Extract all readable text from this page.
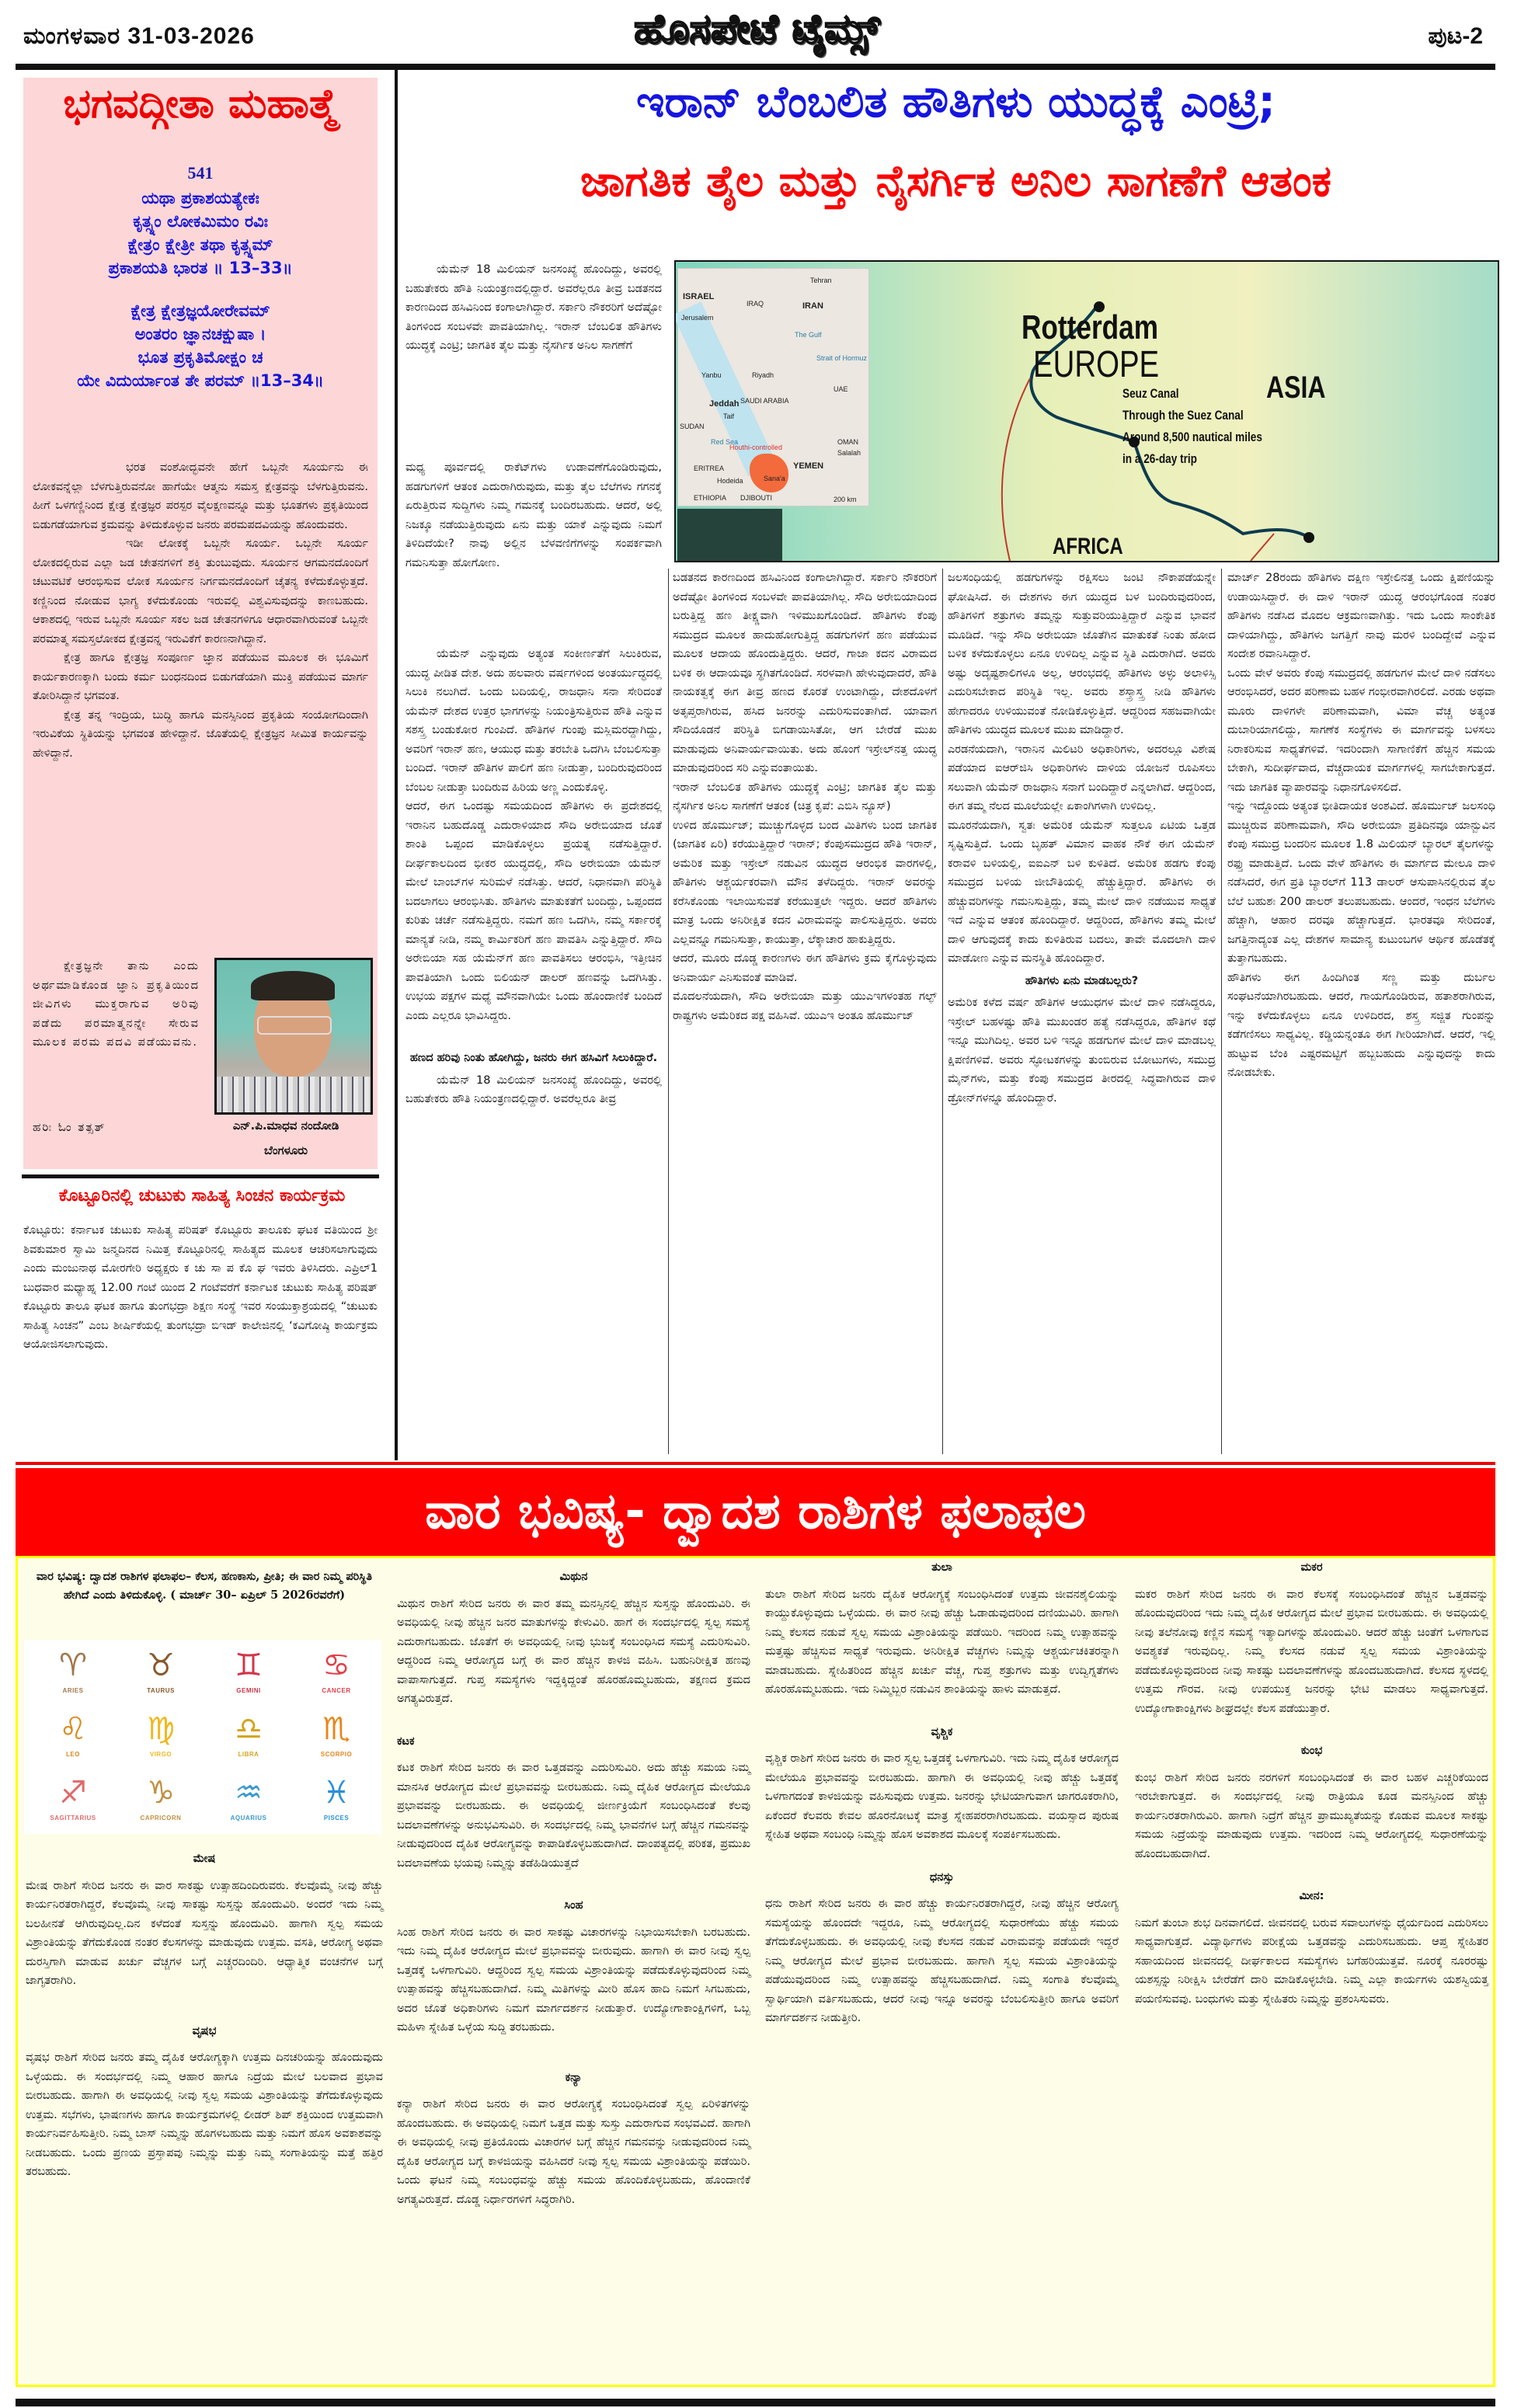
ಮಂಗಳವಾರ 31-03-2026	ಹೊಸಪೇಟೆ ಟೈಮ್ಸ್	ಪುಟ-2
ಭಗವದ್ಗೀತಾ ಮಹಾತ್ಮೆ
541
ಯಥಾ ಪ್ರಕಾಶಯತ್ಯೇಕಃ
ಕೃತ್ಸ್ನಂ ಲೋಕಮಿಮಂ ರವಿಃ
ಕ್ಷೇತ್ರಂ ಕ್ಷೇತ್ರೀ ತಥಾ ಕೃತ್ಸ್ನಮ್
ಪ್ರಕಾಶಯತಿ ಭಾರತ ॥ 13–33॥
ಕ್ಷೇತ್ರ ಕ್ಷೇತ್ರಜ್ಞಯೋರೇವಮ್
ಅಂತರಂ ಜ್ಞಾನಚಕ್ಷುಷಾ ।
ಭೂತ ಪ್ರಕೃತಿಮೋಕ್ಷಂ ಚ
ಯೇ ವಿದುರ್ಯಾಂತ ತೇ ಪರಮ್ ॥13–34॥

ಭರತ ವಂಶೋದ್ಭವನೇ ಹೇಗೆ ಒಬ್ಬನೇ ಸೂರ್ಯನು ಈ ಲೋಕವನ್ನೆಲ್ಲಾ ಬೆಳಗುತ್ತಿರುವನೋ ಹಾಗೆಯೇ ಆತ್ಮನು ಸಮಸ್ತ ಕ್ಷೇತ್ರವನ್ನು ಬೆಳಗುತ್ತಿರುವನು. ಹೀಗೆ ಒಳಗಣ್ಣಿನಿಂದ ಕ್ಷೇತ್ರ ಕ್ಷೇತ್ರಜ್ಞರ ಪರಸ್ಪರ ವೈಲಕ್ಷಣವನ್ನೂ ಮತ್ತು ಭೂತಗಳು ಪ್ರಕೃತಿಯಿಂದ ಬಿಡುಗಡೆಯಾಗುವ ಕ್ರಮವನ್ನು ತಿಳಿದುಕೊಳ್ಳುವ ಜನರು ಪರಮಪದವಿಯನ್ನು ಹೊಂದುವರು.

ಇಡೀ ಲೋಕಕ್ಕೆ ಒಬ್ಬನೇ ಸೂರ್ಯ. ಒಬ್ಬನೇ ಸೂರ್ಯ ಲೋಕದಲ್ಲಿರುವ ಎಲ್ಲಾ ಜಡ ಚೇತನಗಳಿಗೆ ಶಕ್ತಿ ತುಂಬುವುದು. ಸೂರ್ಯನ ಆಗಮನದೊಂದಿಗೆ ಚಟುವಟಿಕೆ ಆರಂಭಿಸುವ ಲೋಕ ಸೂರ್ಯನ ನಿರ್ಗಮನದೊಂದಿಗೆ ಚೈತನ್ಯ ಕಳೆದುಕೊಳ್ಳುತ್ತದೆ. ಕಣ್ಣಿನಿಂದ ನೋಡುವ ಭಾಗ್ಯ ಕಳೆದುಕೊಂಡು ಇರುವಲ್ಲಿ ವಿಶ್ವವಿಸುವುದನ್ನು ಕಾಣಬಹುದು. ಆಕಾಶದಲ್ಲಿ ಇರುವ ಒಬ್ಬನೇ ಸೂರ್ಯ ಸಕಲ ಜಡ ಚೇತನಗಳಿಗೂ ಆಧಾರವಾಗಿರುವಂತೆ ಒಬ್ಬನೇ ಪರಮಾತ್ಮ ಸಮಸ್ತಲೋಕದ ಕ್ಷೇತ್ರವನ್ನ ಇರುವಿಕೆಗೆ ಕಾರಣನಾಗಿದ್ದಾನೆ.

ಕ್ಷೇತ್ರ ಹಾಗೂ ಕ್ಷೇತ್ರಜ್ಞ ಸಂಪೂರ್ಣ ಜ್ಞಾನ ಪಡೆಯುವ ಮೂಲಕ ಈ ಭೂಮಿಗೆ ಕಾರ್ಯಕಾರಣಕ್ಕಾಗಿ ಬಂದು ಕರ್ಮ ಬಂಧನದಿಂದ ಬಿಡುಗಡೆಯಾಗಿ ಮುಕ್ತಿ ಪಡೆಯುವ ಮಾರ್ಗ ತೋರಿಸಿದ್ದಾನೆ ಭಗವಂತ.

ಕ್ಷೇತ್ರ ತನ್ನ ಇಂದ್ರಿಯ, ಬುದ್ಧಿ ಹಾಗೂ ಮನಸ್ಸಿನಿಂದ ಪ್ರಕೃತಿಯ ಸಂಯೋಗದಿಂದಾಗಿ ಇರುವಿಕೆಯ ಸ್ಥಿತಿಯನ್ನು ಭಗವಂತ ಹೇಳಿದ್ದಾನೆ. ಜೊತೆಯಲ್ಲಿ ಕ್ಷೇತ್ರಜ್ಞನ ಸೀಮಿತ ಕಾರ್ಯವನ್ನು ಹೇಳಿದ್ದಾನೆ.

ಕ್ಷೇತ್ರಜ್ಞನೇ ತಾನು ಎಂದು ಅರ್ಥಮಾಡಿಕೊಂಡ ಜ್ಞಾನಿ ಪ್ರಕೃತಿಯಿಂದ ಜೀವಿಗಳು ಮುಕ್ತರಾಗುವ ಅರಿವು ಪಡೆದು ಪರಮಾತ್ಮನನ್ನೇ ಸೇರುವ ಮೂಲಕ ಪರಮ ಪದವಿ ಪಡೆಯುವನು.

ಹರಿಃ ಓಂ ತತ್ಸತ್	ಎನ್.ಪಿ.ಮಾಧವ ನಂದೋಡಿ
ಬೆಂಗಳೂರು
ಕೊಟ್ಟೂರಿನಲ್ಲಿ ಚುಟುಕು ಸಾಹಿತ್ಯ ಸಿಂಚನ ಕಾರ್ಯಕ್ರಮ
ಕೊಟ್ಟೂರು: ಕರ್ನಾಟಕ ಚುಟುಕು ಸಾಹಿತ್ಯ ಪರಿಷತ್ ಕೊಟ್ಟೂರು ತಾಲೂಕು ಘಟಕ ವತಿಯಿಂದ ಶ್ರೀ ಶಿವಕುಮಾರ ಸ್ವಾಮಿ ಜನ್ಮದಿನದ ನಿಮಿತ್ತ ಕೊಟ್ಟೂರಿನಲ್ಲಿ ಸಾಹಿತ್ಯದ ಮೂಲಕ ಆಚರಿಸಲಾಗುವುದು ಎಂದು ಮಂಜುನಾಥ ಮೋರಗೇರಿ ಅಧ್ಯಕ್ಷರು ಕ ಚು ಸಾ ಪ ಕೊ ಘ ಇವರು ತಿಳಿಸಿದರು. ಎಪ್ರಿಲ್1 ಬುಧವಾರ ಮಧ್ಯಾಹ್ನ 12.00 ಗಂಟೆ ಯಿಂದ 2 ಗಂಟೆವರೆಗೆ ಕರ್ನಾಟಕ ಚುಟುಕು ಸಾಹಿತ್ಯ ಪರಿಷತ್ ಕೊಟ್ಟೂರು ತಾಲೂ ಘಟಕ ಹಾಗೂ ತುಂಗಭದ್ರಾ ಶಿಕ್ಷಣ ಸಂಸ್ಥೆ ಇವರ ಸಂಯುಕ್ತಾಶ್ರಯದಲ್ಲಿ “ಚುಟುಕು ಸಾಹಿತ್ಯ ಸಿಂಚನ” ಎಂಬ ಶೀರ್ಷಿಕೆಯಲ್ಲಿ ತುಂಗಭದ್ರಾ ಬಿಇಡ್ ಕಾಲೇಜಿನಲ್ಲಿ ‘ಕವಿಗೋಷ್ಠಿ ಕಾರ್ಯಕ್ರಮ ಆಯೋಜಿಸಲಾಗುವುದು.
ಇರಾನ್ ಬೆಂಬಲಿತ ಹೌತಿಗಳು ಯುದ್ಧಕ್ಕೆ ಎಂಟ್ರಿ;
ಜಾಗತಿಕ ತೈಲ ಮತ್ತು ನೈಸರ್ಗಿಕ ಅನಿಲ ಸಾಗಣೆಗೆ ಆತಂಕ

ಯೆಮೆನ್ 18 ಮಿಲಿಯನ್ ಜನಸಂಖ್ಯೆ ಹೊಂದಿದ್ದು, ಅವರಲ್ಲಿ ಬಹುತೇಕರು ಹೌತಿ ನಿಯಂತ್ರಣದಲ್ಲಿದ್ದಾರೆ. ಅವರೆಲ್ಲರೂ ತೀವ್ರ ಬಡತನದ ಕಾರಣದಿಂದ ಹಸಿವಿನಿಂದ ಕಂಗಾಲಾಗಿದ್ದಾರೆ. ಸರ್ಕಾರಿ ನೌಕರರಿಗೆ ಅದೆಷ್ಟೋ ತಿಂಗಳಿಂದ ಸಂಬಳವೇ ಪಾವತಿಯಾಗಿಲ್ಲ. ಇರಾನ್ ಬೆಂಬಲಿತ ಹೌತಿಗಳು ಯುದ್ಧಕ್ಕೆ ಎಂಟ್ರಿ; ಜಾಗತಿಕ ತೈಲ ಮತ್ತು ನೈಸರ್ಗಿಕ ಅನಿಲ ಸಾಗಣೆಗೆ

ಮಧ್ಯ ಪೂರ್ವದಲ್ಲಿ ರಾಕೆಟ್‌ಗಳು ಉಡಾವಣೆಗೊಂಡಿರುವುದು, ಹಡಗುಗಳಿಗೆ ಆತಂಕ ಎದುರಾಗಿರುವುದು, ಮತ್ತು ತೈಲ ಬೆಲೆಗಳು ಗಗನಕ್ಕೆ ಏರುತ್ತಿರುವ ಸುದ್ದಿಗಳು ನಿಮ್ಮ ಗಮನಕ್ಕೆ ಬಂದಿರಬಹುದು. ಆದರೆ, ಅಲ್ಲಿ ನಿಜಕ್ಕೂ ನಡೆಯುತ್ತಿರುವುದು ಏನು ಮತ್ತು ಯಾಕೆ ಎನ್ನುವುದು ನಿಮಗೆ ತಿಳಿದಿದೆಯೇ? ನಾವು ಅಲ್ಲಿನ ಬೆಳವಣಿಗೆಗಳನ್ನು ಸಂಪರ್ಕವಾಗಿ ಗಮನಿಸುತ್ತಾ ಹೋಗೋಣ.

ಯೆಮೆನ್ ಎನ್ನುವುದು ಅತ್ಯಂತ ಸಂಕೀರ್ಣತೆಗೆ ಸಿಲುಕಿರುವ, ಯುದ್ಧ ಪೀಡಿತ ದೇಶ. ಅದು ಹಲವಾರು ವರ್ಷಗಳಿಂದ ಅಂತರ್ಯುದ್ಧದಲ್ಲಿ ಸಿಲುಕಿ ನಲುಗಿದೆ. ಒಂದು ಬದಿಯಲ್ಲಿ, ರಾಜಧಾನಿ ಸನಾ ಸೇರಿದಂತೆ ಯೆಮೆನ್ ದೇಶದ ಉತ್ತರ ಭಾಗಗಳನ್ನು ನಿಯಂತ್ರಿಸುತ್ತಿರುವ ಹೌತಿ ಎನ್ನುವ ಸಶಸ್ತ್ರ ಬಂಡುಕೋರ ಗುಂಪಿದೆ. ಹೌತಿಗಳ ಗುಂಪು ಮಸ್ಲಿಮರದ್ದಾಗಿದ್ದು, ಅವರಿಗೆ ಇರಾನ್ ಹಣ, ಆಯುಧ ಮತ್ತು ತರಬೇತಿ ಒದಗಿಸಿ ಬೆಂಬಲಿಸುತ್ತಾ ಬಂದಿದೆ. ಇರಾನ್ ಹೌತಿಗಳ ಪಾಲಿಗೆ ಹಣ ನೀಡುತ್ತಾ, ಬಂದಿರುವುದರಿಂದ ಬೆಂಬಲ ನೀಡುತ್ತಾ ಬಂದಿರುವ ಹಿರಿಯ ಅಣ್ಣ ಎಂದುಕೊಳ್ಳಿ.
ಆದರೆ, ಈಗ ಒಂದಷ್ಟು ಸಮಯದಿಂದ ಹೌತಿಗಳು ಈ ಪ್ರದೇಶದಲ್ಲಿ ಇರಾನಿನ ಬಹುದೊಡ್ಡ ಎದುರಾಳಿಯಾದ ಸೌದಿ ಅರೇಬಿಯಾದ ಜೊತೆ ಶಾಂತಿ ಒಪ್ಪಂದ ಮಾಡಿಕೊಳ್ಳಲು ಪ್ರಯತ್ನ ನಡೆಸುತ್ತಿದ್ದಾರೆ. ದೀರ್ಘಕಾಲದಿಂದ ಭೀಕರ ಯುದ್ಧದಲ್ಲಿ, ಸೌದಿ ಅರೇಬಿಯಾ ಯೆಮೆನ್ ಮೇಲೆ ಬಾಂಬ್‌ಗಳ ಸುರಿಮಳೆ ನಡೆಸಿತ್ತು. ಆದರೆ, ನಿಧಾನವಾಗಿ ಪರಿಸ್ಥಿತಿ ಬದಲಾಗಲು ಆರಂಭಿಸಿತು. ಹೌತಿಗಳು ಮಾತುಕತೆಗೆ ಬಂದಿದ್ದು, ಒಪ್ಪಂದದ ಕುರಿತು ಚರ್ಚೆ ನಡೆಸುತ್ತಿದ್ದರು. ನಮಗೆ ಹಣ ಒದಗಿಸಿ, ನಮ್ಮ ಸರ್ಕಾರಕ್ಕೆ ಮಾನ್ಯತೆ ನೀಡಿ, ನಮ್ಮ ಕಾರ್ಮಿಕರಿಗೆ ಹಣ ಪಾವತಿಸಿ ಎನ್ನುತ್ತಿದ್ದಾರೆ. ಸೌದಿ ಅರೇಬಿಯಾ ಸಹ ಯೆಮೆನ್‌ಗೆ ಹಣ ಪಾವತಿಸಲು ಆರಂಭಿಸಿ, ಇತ್ತೀಚಿನ ಪಾವತಿಯಾಗಿ ಒಂದು ಬಿಲಿಯನ್ ಡಾಲರ್ ಹಣವನ್ನು ಒದಗಿಸಿತ್ತು. ಉಭಯ ಪಕ್ಷಗಳ ಮಧ್ಯೆ ಮೌನವಾಗಿಯೇ ಒಂದು ಹೊಂದಾಣಿಕೆ ಬಂದಿದೆ ಎಂದು ಎಲ್ಲರೂ ಭಾವಿಸಿದ್ದರು.

ಹಣದ ಹರಿವು ನಿಂತು ಹೋಗಿದ್ದು, ಜನರು ಈಗ ಹಸಿವಿಗೆ ಸಿಲುಕಿದ್ದಾರೆ.

ಯೆಮೆನ್ 18 ಮಿಲಿಯನ್ ಜನಸಂಖ್ಯೆ ಹೊಂದಿದ್ದು, ಅವರಲ್ಲಿ ಬಹುತೇಕರು ಹೌತಿ ನಿಯಂತ್ರಣದಲ್ಲಿದ್ದಾರೆ. ಅವರೆಲ್ಲರೂ ತೀವ್ರ

ಬಡತನದ ಕಾರಣದಿಂದ ಹಸಿವಿನಿಂದ ಕಂಗಾಲಾಗಿದ್ದಾರೆ. ಸರ್ಕಾರಿ ನೌಕರರಿಗೆ ಅದೆಷ್ಟೋ ತಿಂಗಳಿಂದ ಸಂಬಳವೇ ಪಾವತಿಯಾಗಿಲ್ಲ. ಸೌದಿ ಅರೇಬಿಯಾದಿಂದ ಬರುತ್ತಿದ್ದ ಹಣ ತೀಕ್ಷ್ಣವಾಗಿ ಇಳಿಮುಖಗೊಂಡಿದೆ. ಹೌತಿಗಳು ಕೆಂಪು ಸಮುದ್ರದ ಮೂಲಕ ಹಾದುಹೋಗುತ್ತಿದ್ದ ಹಡಗುಗಳಿಗೆ ಹಣ ಪಡೆಯುವ ಮೂಲಕ ಆದಾಯ ಹೊಂದುತ್ತಿದ್ದರು. ಆದರೆ, ಗಾಜಾ ಕದನ ವಿರಾಮದ ಬಳಿಕ ಈ ಆದಾಯವೂ ಸ್ಥಗಿತಗೊಂಡಿದೆ. ಸರಳವಾಗಿ ಹೇಳುವುದಾದರೆ, ಹೌತಿ ನಾಯಕತ್ವಕ್ಕೆ ಈಗ ತೀವ್ರ ಹಣದ ಕೊರತೆ ಉಂಟಾಗಿದ್ದು, ದೇಶದೊಳಗೆ ಅತೃಪ್ತರಾಗಿರುವ, ಹಸಿದ ಜನರನ್ನು ಎದುರಿಸುವಂತಾಗಿದೆ. ಯಾವಾಗ ಸೌದಿಯೊಡನೆ ಪರಿಸ್ಥಿತಿ ಬಿಗಡಾಯಿಸಿತೋ, ಆಗ ಬೇರೆಡೆ ಮುಖ ಮಾಡುವುದು ಅನಿವಾರ್ಯವಾಯಿತು. ಅದು ಹೊಂಗೆ ಇಸ್ರೇಲ್‌ನತ್ತ ಯುದ್ಧ ಮಾಡುವುದರಿಂದ ಸರಿ ಎನ್ನುವಂತಾಯಿತು.
ಇರಾನ್ ಬೆಂಬಲಿತ ಹೌತಿಗಳು ಯುದ್ಧಕ್ಕೆ ಎಂಟ್ರಿ; ಜಾಗತಿಕ ತೈಲ ಮತ್ತು ನೈಸರ್ಗಿಕ ಅನಿಲ ಸಾಗಣೆಗೆ ಆತಂಕ (ಚಿತ್ರ ಕೃಪೆ: ಎಬಿಸಿ ನ್ಯೂಸ್)
ಉಳಿದ ಹೊರ್ಮುಜ್; ಮುಚ್ಚುಗೊಳ್ಳದ ಬಂದ ಮಿತಿಗಳು ಬಂದ ಜಾಗತಿಕ (ಜಾಗತಿಕ ಏರಿ) ಕರೆಯುತ್ತಿದ್ದಾರೆ ಇರಾನ್; ಕೆಂಪುಸಮುದ್ರದ ಹೌತಿ ಇರಾನ್, ಅಮೆರಿಕ ಮತ್ತು ಇಸ್ರೇಲ್ ನಡುವಿನ ಯುದ್ಧದ ಆರಂಭಿಕ ವಾರಗಳಲ್ಲಿ, ಹೌತಿಗಳು ಆಶ್ಚರ್ಯಕರವಾಗಿ ಮೌನ ತಳೆದಿದ್ದರು. ಇರಾನ್ ಅವರನ್ನು ಕರೆಸಿಕೊಂಡು ಇಲಾಯಿಸುವತೆ ಕರೆಯುತ್ತಲೇ ಇದ್ದರು. ಆದರೆ ಹೌತಿಗಳು ಮಾತ್ರ ಒಂದು ಅನಿರೀಕ್ಷಿತ ಕದನ ವಿರಾಮವನ್ನು ಪಾಲಿಸುತ್ತಿದ್ದರು. ಅವರು ಎಲ್ಲವನ್ನೂ ಗಮನಿಸುತ್ತಾ, ಕಾಯುತ್ತಾ, ಲೆಕ್ಕಾಚಾರ ಹಾಕುತ್ತಿದ್ದರು.
ಆದರೆ, ಮೂರು ದೊಡ್ಡ ಕಾರಣಗಳು ಈಗ ಹೌತಿಗಳು ಕ್ರಮ ಕೈಗೊಳ್ಳುವುದು ಅನಿವಾರ್ಯ ಎನಿಸುವಂತೆ ಮಾಡಿವೆ.
ಮೊದಲನೆಯದಾಗಿ, ಸೌದಿ ಅರೇಬಿಯಾ ಮತ್ತು ಯುಎಇಗಳಂತಹ ಗಲ್ಫ್ ರಾಷ್ಟ್ರಗಳು ಅಮೆರಿಕದ ಪಕ್ಷ ವಹಿಸಿವೆ. ಯುಎಇ ಅಂತೂ ಹೊರ್ಮುಜ್

ಜಲಸಂಧಿಯಲ್ಲಿ ಹಡಗುಗಳನ್ನು ರಕ್ಷಿಸಲು ಜಂಟಿ ನೌಕಾಪಡೆಯನ್ನೇ ಘೋಷಿಸಿದೆ. ಈ ದೇಶಗಳು ಈಗ ಯುದ್ಧದ ಬಳ ಬಂದಿರುವುದರಿಂದ, ಹೌತಿಗಳಿಗೆ ಶತ್ರುಗಳು ತಮ್ಮನ್ನು ಸುತ್ತುವರಿಯುತ್ತಿದ್ದಾರೆ ಎನ್ನುವ ಭಾವನೆ ಮೂಡಿದೆ. ಇನ್ನು ಸೌದಿ ಅರೇಬಿಯಾ ಜೊತೆಗಿನ ಮಾತುಕತೆ ನಿಂತು ಹೋದ ಬಳಿಕ ಕಳೆದುಕೊಳ್ಳಲು ಏನೂ ಉಳಿದಿಲ್ಲ ಎನ್ನುವ ಸ್ಥಿತಿ ಎದುರಾಗಿದೆ. ಅವರು ಅಷ್ಟು ಅದೃಷ್ಟಶಾಲಿಗಳೂ ಅಲ್ಲ, ಆರಂಭದಲ್ಲಿ ಹೌತಿಗಳು ಅಳ್ಳು ಅಲಾಳಿಸ್ಸಿ ಎದುರಿಸಬೇಕಾದ ಪರಿಸ್ಥಿತಿ ಇಲ್ಲ. ಅವರು ಶಸ್ತ್ರಾಸ್ತ್ರ ನೀಡಿ ಹೌತಿಗಳು ಹೇಗಾದರೂ ಉಳಿಯುವಂತೆ ನೋಡಿಕೊಳ್ಳುತ್ತಿದೆ. ಆದ್ದರಿಂದ ಸಹಜವಾಗಿಯೇ ಹೌತಿಗಳು ಯುದ್ಧದ ಮೂಲಕ ಮುಖ ಮಾಡಿದ್ದಾರೆ.
ಎರಡನೆಯದಾಗಿ, ಇರಾನಿನ ಮಿಲಿಟರಿ ಅಧಿಕಾರಿಗಳು, ಅದರಲ್ಲೂ ವಿಶೇಷ ಪಡೆಯಾದ ಐಆರ್‌ಜಿಸಿ ಅಧಿಕಾರಿಗಳು ದಾಳಿಯ ಯೋಜನೆ ರೂಪಿಸಲು ಸಲುವಾಗಿ ಯೆಮೆನ್ ರಾಜಧಾನಿ ಸನಾಗೆ ಬಂದಿದ್ದಾರೆ ಎನ್ನಲಾಗಿದೆ. ಆದ್ದರಿಂದ, ಈಗ ತಮ್ಮ ನೆಲದ ಮೂಲೆಯಲ್ಲೇ ಏಕಾಂಗಿಗಳಾಗಿ ಉಳಿದಿಲ್ಲ.
ಮೂರನೆಯದಾಗಿ, ಸ್ವತಃ ಅಮೆರಿಕ ಯೆಮೆನ್ ಸುತ್ತಲೂ ಏಟಿಯ ಒತ್ತಡ ಸೃಷ್ಟಿಸುತ್ತಿದೆ. ಒಂದು ಬೃಹತ್ ವಿಮಾನ ವಾಹಕ ನೌಕೆ ಈಗ ಯೆಮೆನ್ ಕರಾವಳಿ ಬಳಿಯಲ್ಲಿ, ಐಐಎನ್ ಬಳಿ ಕುಳಿತಿದೆ. ಅಮೆರಿಕ ಹಡಗು ಕೆಂಪು ಸಮುದ್ರದ ಬಳಿಯ ಜೀಬೌತಿಯಲ್ಲಿ ಹೆಚ್ಚುತ್ತಿದ್ದಾರೆ. ಹೌತಿಗಳು ಈ ಹೆಚ್ಚುವರಿಗಳನ್ನು ಗಮನಿಸುತ್ತಿದ್ದು, ತಮ್ಮ ಮೇಲೆ ದಾಳಿ ನಡೆಯುವ ಸಾಧ್ಯತೆ ಇದೆ ಎನ್ನುವ ಆತಂಕ ಹೊಂದಿದ್ದಾರೆ. ಆದ್ದರಿಂದ, ಹೌತಿಗಳು ತಮ್ಮ ಮೇಲೆ ದಾಳಿ ಆಗುವುದಕ್ಕೆ ಕಾದು ಕುಳಿತಿರುವ ಬದಲು, ತಾವೇ ಮೊದಲಾಗಿ ದಾಳಿ ಮಾಡೋಣ ಎನ್ನುವ ಮನಸ್ಥಿತಿ ಹೊಂದಿದ್ದಾರೆ.

ಹೌತಿಗಳು ಏನು ಮಾಡಬಲ್ಲರು?

ಅಮೆರಿಕ ಕಳೆದ ವರ್ಷ ಹೌತಿಗಳ ಆಯುಧಗಳ ಮೇಲೆ ದಾಳಿ ನಡೆಸಿದ್ದರೂ, ಇಸ್ರೇಲ್ ಬಹಳಷ್ಟು ಹೌತಿ ಮುಖಂಡರ ಹತ್ಯೆ ನಡೆಸಿದ್ದರೂ, ಹೌತಿಗಳ ಕಥೆ ಇನ್ನೂ ಮುಗಿದಿಲ್ಲ. ಅವರ ಬಳಿ ಇನ್ನೂ ಹಡಗುಗಳ ಮೇಲೆ ದಾಳಿ ಮಾಡಬಲ್ಲ ಕ್ಷಿಪಣಿಗಳಿವೆ. ಅವರು ಸ್ಫೋಟಕಗಳನ್ನು ತುಂಬಿರುವ ಬೋಟುಗಳು, ಸಮುದ್ರ ಮೈನ್‌ಗಳು, ಮತ್ತು ಕೆಂಪು ಸಮುದ್ರದ ತೀರದಲ್ಲಿ ಸಿದ್ಧವಾಗಿರುವ ದಾಳಿ ಡ್ರೋನ್‌ಗಳನ್ನೂ ಹೊಂದಿದ್ದಾರೆ.

ಮಾರ್ಚ್ 28ರಂದು ಹೌತಿಗಳು ದಕ್ಷಿಣ ಇಸ್ರೇಲಿನತ್ತ ಒಂದು ಕ್ಷಿಪಣಿಯನ್ನು ಉಡಾಯಿಸಿದ್ದಾರೆ. ಈ ದಾಳಿ ಇರಾನ್ ಯುದ್ಧ ಆರಂಭಗೊಂಡ ನಂತರ ಹೌತಿಗಳು ನಡೆಸಿದ ಮೊದಲ ಆಕ್ರಮಣವಾಗಿತ್ತು. ಇದು ಒಂದು ಸಾಂಕೇತಿಕ ದಾಳಿಯಾಗಿದ್ದು, ಹೌತಿಗಳು ಜಗತ್ತಿಗೆ ನಾವು ಮರಳಿ ಬಂದಿದ್ದೇವೆ ಎನ್ನುವ ಸಂದೇಶ ರವಾನಿಸಿದ್ದಾರೆ.
ಒಂದು ವೇಳೆ ಅವರು ಕೆಂಪು ಸಮುದ್ರದಲ್ಲಿ ಹಡಗುಗಳ ಮೇಲೆ ದಾಳಿ ನಡೆಸಲು ಆರಂಭಿಸಿದರೆ, ಅದರ ಪರಿಣಾಮ ಬಹಳ ಗಂಭೀರವಾಗಿರಲಿದೆ. ಎರಡು ಅಥವಾ ಮೂರು ದಾಳಿಗಳೇ ಪರಿಣಾಮವಾಗಿ, ವಿಮಾ ವೆಚ್ಚ ಅತ್ಯಂತ ದುಬಾರಿಯಾಗಲಿದ್ದು, ಸಾಗಣೆಕ ಸಂಸ್ಥೆಗಳು ಈ ಮಾರ್ಗವನ್ನು ಬಳಸಲು ನಿರಾಕರಿಸುವ ಸಾಧ್ಯತೆಗಳಿವೆ. ಇದರಿಂದಾಗಿ ಸಾಗಾಣಿಕೆಗೆ ಹೆಚ್ಚಿನ ಸಮಯ ಬೇಕಾಗಿ, ಸುದೀರ್ಘವಾದ, ವೆಚ್ಚದಾಯಕ ಮಾರ್ಗಗಳಲ್ಲಿ ಸಾಗಬೇಕಾಗುತ್ತದೆ. ಇದು ಜಾಗತಿಕ ವ್ಯಾಪಾರವನ್ನು ನಿಧಾನಗೊಳಿಸಲಿದೆ.
ಇನ್ನು ಇದ್ದೊಂದು ಅತ್ಯಂತ ಭೀತಿದಾಯಕ ಅಂಶವಿದೆ. ಹೊರ್ಮುಜ್ ಜಲಸಂಧಿ ಮುಚ್ಚಿರುವ ಪರಿಣಾಮವಾಗಿ, ಸೌದಿ ಅರೇಬಿಯಾ ಪ್ರತಿದಿನವೂ ಯಾನ್ಬುವಿನ ಕೆಂಪು ಸಮುದ್ರ ಬಂದರಿನ ಮೂಲಕ 1.8 ಮಿಲಿಯನ್ ಬ್ಯಾರಲ್ ತೈಲಗಳನ್ನು ರಫ್ತು ಮಾಡುತ್ತಿದೆ. ಒಂದು ವೇಳೆ ಹೌತಿಗಳು ಈ ಮಾರ್ಗದ ಮೇಲೂ ದಾಳಿ ನಡೆಸಿದರೆ, ಈಗ ಪ್ರತಿ ಬ್ಯಾರಲ್‌ಗೆ 113 ಡಾಲರ್ ಆಸುಪಾಸಿನಲ್ಲಿರುವ ತೈಲ ಬೆಲೆ ಬಹುಶಃ 200 ಡಾಲರ್ ತಲುಪಬಹುದು. ಆಂದರೆ, ಇಂಧನ ಬೆಲೆಗಳು ಹೆಚ್ಚಾಗಿ, ಆಹಾರ ದರವೂ ಹೆಚ್ಚಾಗುತ್ತದೆ. ಭಾರತವೂ ಸೇರಿದಂತೆ, ಜಗತ್ತಿನಾದ್ಯಂತ ಎಲ್ಲ ದೇಶಗಳ ಸಾಮಾನ್ಯ ಕುಟುಂಬಗಳ ಆರ್ಥಿಕ ಹೊಡೆತಕ್ಕೆ ತುತ್ತಾಗಬಹುದು.
ಹೌತಿಗಳು ಈಗ ಹಿಂದಿಗಿಂತ ಸಣ್ಣ ಮತ್ತು ದುರ್ಬಲ ಸಂಘಟನೆಯಾಗಿರಬಹುದು. ಆದರೆ, ಗಾಯಗೊಂಡಿರುವ, ಹತಾಶರಾಗಿರುವ, ಇನ್ನು ಕಳೆದುಕೊಳ್ಳಲು ಏನೂ ಉಳಿದಿರದ, ಶಸ್ತ್ರ ಸಜ್ಜಿತ ಗುಂಪನ್ನು ಕಡೆಗಣಿಸಲು ಸಾಧ್ಯವಿಲ್ಲ. ಕಡ್ಡಿಯನ್ನಂತೂ ಈಗ ಗೀರಿಯಾಗಿದೆ. ಆದರೆ, ಇಲ್ಲಿ ಹುಟ್ಟುವ ಬೆಂಕಿ ಎಷ್ಟರಮಟ್ಟಿಗೆ ಹಬ್ಬಬಹುದು ಎನ್ನುವುದನ್ನು ಕಾದು ನೋಡಬೇಕು.

ISRAEL
Jerusalem
IRAQ	IRAN
Tehran
The Gulf
Strait of Hormuz
Yanbu	Riyadh
UAE
Jeddah SAUDI ARABIA
Taif
SUDAN
Red Sea
Houthi-controlled
OMAN
Salalah
YEMEN
ERITREA
Hodeida	Sana'a
ETHIOPIA DJIBOUTI	200 km
Rotterdam
EUROPE
ASIA
AFRICA
Seuz Canal
Through the Suez Canal
Around 8,500 nautical miles
in a 26-day trip
ವಾರ ಭವಿಷ್ಯ- ದ್ವಾದಶ ರಾಶಿಗಳ ಫಲಾಫಲ
ವಾರ ಭವಿಷ್ಯ: ದ್ವಾದಶ ರಾಶಿಗಳ ಫಲಾಫಲ– ಕೆಲಸ, ಹಣಕಾಸು, ಪ್ರೀತಿ; ಈ ವಾರ ನಿಮ್ಮ ಪರಿಸ್ಥಿತಿ ಹೇಗಿದೆ ಎಂದು ತಿಳಿದುಕೊಳ್ಳಿ. ( ಮಾರ್ಚ್ 30– ಏಪ್ರಿಲ್ 5 2026ರವರೆಗೆ)
♈
ARIES
♉
TAURUS
♊
GEMINI
♋
CANCER
♌
LEO
♍
VIRGO
♎
LIBRA
♏
SCORPIO
♐
SAGITTARIUS
♑
CAPRICORN
♒
AQUARIUS
♓
PISCES
ಮೇಷ

ಮೇಷ ರಾಶಿಗೆ ಸೇರಿದ ಜನರು ಈ ವಾರ ಸಾಕಷ್ಟು ಉತ್ಸಾಹದಿಂದಿರುವರು. ಕೆಲವೊಮ್ಮೆ ನೀವು ಹೆಚ್ಚು ಕಾರ್ಯನಿರತರಾಗಿದ್ದರೆ, ಕೆಲವೊಮ್ಮೆ ನೀವು ಸಾಕಷ್ಟು ಸುಸ್ತನ್ನು ಹೊಂದುವಿರಿ. ಅಂದರೆ ಇದು ನಿಮ್ಮ ಬಲಹೀನತೆ ಆಗಿರುವುದಿಲ್ಲ.ದಿನ ಕಳೆದಂತೆ ಸುಸ್ತನ್ನು ಹೊಂದುವಿರಿ. ಹಾಗಾಗಿ ಸ್ವಲ್ಪ ಸಮಯ ವಿಶ್ರಾಂತಿಯನ್ನು ತೆಗೆದುಕೊಂಡ ನಂತರ ಕೆಲಸಗಳನ್ನು ಮಾಡುವುದು ಉತ್ತಮ. ವಸತಿ, ಆರೋಗ್ಯ ಅಥವಾ ದುರಸ್ತಿಗಾಗಿ ಮಾಡುವ ಖರ್ಚು ವೆಚ್ಚಗಳ ಬಗ್ಗೆ ಎಚ್ಚರದಿಂದಿರಿ. ಆಧ್ಯಾತ್ಮಿಕ ವಂಚನೆಗಳ ಬಗ್ಗೆ ಜಾಗೃತರಾಗಿರಿ.

ವೃಷಭ

ವೃಷಭ ರಾಶಿಗೆ ಸೇರಿದ ಜನರು ತಮ್ಮ ದೈಹಿಕ ಆರೋಗ್ಯಕ್ಕಾಗಿ ಉತ್ತಮ ದಿನಚರಿಯನ್ನು ಹೊಂದುವುದು ಒಳ್ಳೆಯದು. ಈ ಸಂದರ್ಭದಲ್ಲಿ ನಿಮ್ಮ ಆಹಾರ ಹಾಗೂ ನಿದ್ರೆಯ ಮೇಲೆ ಬಲವಾದ ಪ್ರಭಾವ ಬೀರಬಹುದು. ಹಾಗಾಗಿ ಈ ಅವಧಿಯಲ್ಲಿ ನೀವು ಸ್ವಲ್ಪ ಸಮಯ ವಿಶ್ರಾಂತಿಯನ್ನು ತೆಗೆದುಕೊಳ್ಳುವುದು ಉತ್ತಮ. ಸಭೆಗಳು, ಭಾಷಣಗಳು ಹಾಗೂ ಕಾರ್ಯಕ್ರಮಗಳಲ್ಲಿ ಲೀಡರ್ ಶಿಪ್ ಶಕ್ತಿಯಿಂದ ಉತ್ತಮವಾಗಿ ಕಾರ್ಯನಿರ್ವಹಿಸುತ್ತೀರಿ. ನಿಮ್ಮ ಬಾಸ್ ನಿಮ್ಮನ್ನು ಹೊಗಳಬಹುದು ಮತ್ತು ನಿಮಗೆ ಹೊಸ ಅವಕಾಶವನ್ನು ನೀಡಬಹುದು. ಒಂದು ಪ್ರಣಯ ಪ್ರಸ್ತಾಪವು ನಿಮ್ಮನ್ನು ಮತ್ತು ನಿಮ್ಮ ಸಂಗಾತಿಯನ್ನು ಮತ್ತೆ ಹತ್ತಿರ ತರಬಹುದು.

ಮಿಥುನ

ಮಿಥುನ ರಾಶಿಗೆ ಸೇರಿದ ಜನರು ಈ ವಾರ ತಮ್ಮ ಮನಸ್ಸಿನಲ್ಲಿ ಹೆಚ್ಚಿನ ಸುಸ್ತನ್ನು ಹೊಂದುವಿರಿ. ಈ ಅವಧಿಯಲ್ಲಿ ನೀವು ಹೆಚ್ಚಿನ ಜನರ ಮಾತುಗಳನ್ನು ಕೇಳುವಿರಿ. ಹಾಗೆ ಈ ಸಂದರ್ಭದಲ್ಲಿ ಸ್ವಲ್ಪ ಸಮಸ್ಯೆ ಎದುರಾಗಬಹುದು. ಜೊತೆಗೆ ಈ ಅವಧಿಯಲ್ಲಿ ನೀವು ಭುಜಕ್ಕೆ ಸಂಬಂಧಿಸಿದ ಸಮಸ್ಯೆ ಎದುರಿಸುವಿರಿ. ಆದ್ದರಿಂದ ನಿಮ್ಮ ಆರೋಗ್ಯದ ಬಗ್ಗೆ ಈ ವಾರ ಹೆಚ್ಚಿನ ಕಾಳಜಿ ವಹಿಸಿ. ಬಹುನಿರೀಕ್ಷಿತ ಹಣವು ವಾಪಾಸಾಗುತ್ತದೆ. ಗುಪ್ತ ಸಮಸ್ಯೆಗಳು ಇದ್ದಕ್ಕಿದ್ದಂತೆ ಹೊರಹೊಮ್ಮಬಹುದು, ತಕ್ಷಣದ ಕ್ರಮದ ಅಗತ್ಯವಿರುತ್ತದೆ.

ಕಟಕ

ಕಟಕ ರಾಶಿಗೆ ಸೇರಿದ ಜನರು ಈ ವಾರ ಒತ್ತಡವನ್ನು ಎದುರಿಸುವಿರಿ. ಅದು ಹೆಚ್ಚು ಸಮಯ ನಿಮ್ಮ ಮಾನಸಿಕ ಆರೋಗ್ಯದ ಮೇಲೆ ಪ್ರಭಾವವನ್ನು ಬೀರಬಹುದು. ನಿಮ್ಮ ದೈಹಿಕ ಆರೋಗ್ಯದ ಮೇಲೆಯೂ ಪ್ರಭಾವವನ್ನು ಬೀರಬಹುದು. ಈ ಅವಧಿಯಲ್ಲಿ ಜೀರ್ಣಕ್ರಿಯೆಗೆ ಸಂಬಂಧಿಸಿದಂತೆ ಕೆಲವು ಬದಲಾವಣೆಗಳನ್ನು ಅನುಭವಿಸುವಿರಿ. ಈ ಸಂದರ್ಭದಲ್ಲಿ ನಿಮ್ಮ ಭಾವನೆಗಳ ಬಗ್ಗೆ ಹೆಚ್ಚಿನ ಗಮನವನ್ನು ನೀಡುವುದರಿಂದ ದೈಹಿಕ ಆರೋಗ್ಯವನ್ನು ಕಾಪಾಡಿಕೊಳ್ಳಬಹುದಾಗಿದೆ. ದಾಂಪತ್ಯದಲ್ಲಿ ಪರಿಕತ, ಪ್ರಮುಖ ಬದಲಾವಣೆಯ ಭಯವು ನಿಮ್ಮನ್ನು ತಡೆಹಿಡಿಯುತ್ತದೆ

ಸಿಂಹ

ಸಿಂಹ ರಾಶಿಗೆ ಸೇರಿದ ಜನರು ಈ ವಾರ ಸಾಕಷ್ಟು ವಿಚಾರಗಳನ್ನು ನಿಭಾಯಿಸಬೇಕಾಗಿ ಬರಬಹುದು. ಇದು ನಿಮ್ಮ ದೈಹಿಕ ಆರೋಗ್ಯದ ಮೇಲೆ ಪ್ರಭಾವವನ್ನು ಬೀರುವುದು. ಹಾಗಾಗಿ ಈ ವಾರ ನೀವು ಸ್ವಲ್ಪ ಒತ್ತಡಕ್ಕೆ ಒಳಗಾಗುವಿರಿ. ಆದ್ದರಿಂದ ಸ್ವಲ್ಪ ಸಮಯ ವಿಶ್ರಾಂತಿಯನ್ನು ಪಡೆದುಕೊಳ್ಳುವುದರಿಂದ ನಿಮ್ಮ ಉತ್ಸಾಹವನ್ನು ಹೆಚ್ಚಿಸಬಹುದಾಗಿದೆ. ನಿಮ್ಮ ಮಿತಿಗಳನ್ನು ಮೀರಿ ಹೊಸ ಹಾದಿ ನಿಮಗೆ ಸಿಗಬಹುದು, ಅದರ ಜೊತೆ ಅಧಿಕಾರಿಗಳು ನಿಮಗೆ ಮಾರ್ಗದರ್ಶನ ನೀಡುತ್ತಾರೆ. ಉದ್ಯೋಗಾಕಾಂಕ್ಷಿಗಳಿಗೆ, ಒಬ್ಬ ಮಹಿಳಾ ಸ್ನೇಹಿತ ಒಳ್ಳೆಯ ಸುದ್ದಿ ತರಬಹುದು.

ಕನ್ಯಾ

ಕನ್ಯಾ ರಾಶಿಗೆ ಸೇರಿದ ಜನರು ಈ ವಾರ ಆರೋಗ್ಯಕ್ಕೆ ಸಂಬಂಧಿಸಿದಂತೆ ಸ್ವಲ್ಪ ಏರಿಳಿತಗಳನ್ನು ಹೊಂದಬಹುದು. ಈ ಅವಧಿಯಲ್ಲಿ ನಿಮಗೆ ಒತ್ತಡ ಮತ್ತು ಸುಸ್ತು ಎದುರಾಗುವ ಸಂಭವವಿದೆ. ಹಾಗಾಗಿ ಈ ಅವಧಿಯಲ್ಲಿ ನೀವು ಪ್ರತಿಯೊಂದು ವಿಚಾರಗಳ ಬಗ್ಗೆ ಹೆಚ್ಚಿನ ಗಮನವನ್ನು ನೀಡುವುದರಿಂದ ನಿಮ್ಮ ದೈಹಿಕ ಆರೋಗ್ಯದ ಬಗ್ಗೆ ಕಾಳಜಿಯನ್ನು ವಹಿಸಿದರೆ ನೀವು ಸ್ವಲ್ಪ ಸಮಯ ವಿಶ್ರಾಂತಿಯನ್ನು ಪಡೆಯಿರಿ. ಒಂದು ಘಟನೆ ನಿಮ್ಮ ಸಂಬಂಧವನ್ನು ಹೆಚ್ಚು ಸಮಯ ಹೊಂದಿಕೊಳ್ಳಬಹುದು, ಹೊಂದಾಣಿಕೆ ಅಗತ್ಯವಿರುತ್ತದೆ. ದೊಡ್ಡ ನಿರ್ಧಾರಗಳಿಗೆ ಸಿದ್ಧರಾಗಿರಿ.

ತುಲಾ

ತುಲಾ ರಾಶಿಗೆ ಸೇರಿದ ಜನರು ದೈಹಿಕ ಆರೋಗ್ಯಕ್ಕೆ ಸಂಬಂಧಿಸಿದಂತೆ ಉತ್ತಮ ಜೀವನಶೈಲಿಯನ್ನು ಕಾಯ್ದುಕೊಳ್ಳುವುದು ಒಳ್ಳೆಯದು. ಈ ವಾರ ನೀವು ಹೆಚ್ಚು ಓಡಾಡುವುದರಿಂದ ದಣಿಯುವಿರಿ. ಹಾಗಾಗಿ ನಿಮ್ಮ ಕೆಲಸದ ನಡುವೆ ಸ್ವಲ್ಪ ಸಮಯ ವಿಶ್ರಾಂತಿಯನ್ನು ಪಡೆಯಿರಿ. ಇದರಿಂದ ನಿಮ್ಮ ಉತ್ಸಾಹವನ್ನು ಮತ್ತಷ್ಟು ಹೆಚ್ಚಿಸುವ ಸಾಧ್ಯತೆ ಇರುವುದು. ಅನಿರೀಕ್ಷಿತ ವೆಚ್ಚಗಳು ನಿಮ್ಮನ್ನು ಆಶ್ಚರ್ಯಚಕಿತರನ್ನಾಗಿ ಮಾಡಬಹುದು. ಸ್ನೇಹಿತರಿಂದ ಹೆಚ್ಚಿನ ಖರ್ಚು ವೆಚ್ಚ, ಗುಪ್ತ ಶತ್ರುಗಳು ಮತ್ತು ಉದ್ವಿಗ್ನತೆಗಳು ಹೊರಹೊಮ್ಮಬಹುದು. ಇದು ನಿಮ್ಮಿಬ್ಬರ ನಡುವಿನ ಶಾಂತಿಯನ್ನು ಹಾಳು ಮಾಡುತ್ತದೆ.

ವೃಶ್ಚಿಕ

ವೃಶ್ಚಿಕ ರಾಶಿಗೆ ಸೇರಿದ ಜನರು ಈ ವಾರ ಸ್ವಲ್ಪ ಒತ್ತಡಕ್ಕೆ ಒಳಗಾಗುವಿರಿ. ಇದು ನಿಮ್ಮ ದೈಹಿಕ ಆರೋಗ್ಯದ ಮೇಲೆಯೂ ಪ್ರಭಾವವನ್ನು ಬೀರಬಹುದು. ಹಾಗಾಗಿ ಈ ಅವಧಿಯಲ್ಲಿ ನೀವು ಹೆಚ್ಚು ಒತ್ತಡಕ್ಕೆ ಒಳಗಾಗದಂತೆ ಕಾಳಜಿಯನ್ನು ವಹಿಸುವುದು ಉತ್ತಮ. ಜನರನ್ನು ಭೇಟಿಯಾಗುವಾಗ ಜಾಗರೂಕರಾಗಿರಿ, ಏಕೆಂದರೆ ಕೆಲವರು ಕೇವಲ ಹೊರನೋಟಕ್ಕೆ ಮಾತ್ರ ಸ್ನೇಹಪರರಾಗಿರಬಹುದು. ವಯಸ್ಸಾದ ಪುರುಷ ಸ್ನೇಹಿತ ಅಥವಾ ಸಂಬಂಧಿ ನಿಮ್ಮನ್ನು ಹೊಸ ಅವಕಾಶದ ಮೂಲಕ್ಕೆ ಸಂಪರ್ಕಿಸಬಹುದು.

ಧನಸ್ಸು

ಧನು ರಾಶಿಗೆ ಸೇರಿದ ಜನರು ಈ ವಾರ ಹೆಚ್ಚು ಕಾರ್ಯನಿರತರಾಗಿದ್ದರೆ, ನೀವು ಹೆಚ್ಚಿನ ಆರೋಗ್ಯ ಸಮಸ್ಯೆಯನ್ನು ಹೊಂದದೇ ಇದ್ದರೂ, ನಿಮ್ಮ ಆರೋಗ್ಯದಲ್ಲಿ ಸುಧಾರಣೆಯು ಹೆಚ್ಚು ಸಮಯ ತೆಗೆದುಕೊಳ್ಳಬಹುದು. ಈ ಅವಧಿಯಲ್ಲಿ ನೀವು ಕೆಲಸದ ನಡುವೆ ವಿರಾಮವನ್ನು ಪಡೆಯದೇ ಇದ್ದರೆ ನಿಮ್ಮ ಆರೋಗ್ಯದ ಮೇಲೆ ಪ್ರಭಾವ ಬೀರಬಹುದು. ಹಾಗಾಗಿ ಸ್ವಲ್ಪ ಸಮಯ ವಿಶ್ರಾಂತಿಯನ್ನು ಪಡೆಯುವುದರಿಂದ ನಿಮ್ಮ ಉತ್ಸಾಹವನ್ನು ಹೆಚ್ಚಿಸಬಹುದಾಗಿದೆ. ನಿಮ್ಮ ಸಂಗಾತಿ ಕೆಲವೊಮ್ಮೆ ಸ್ವಾರ್ಥಿಯಾಗಿ ವರ್ತಿಸಬಹುದು, ಆದರೆ ನೀವು ಇನ್ನೂ ಅವರನ್ನು ಬೆಂಬಲಿಸುತ್ತೀರಿ ಹಾಗೂ ಅವರಿಗೆ ಮಾರ್ಗದರ್ಶನ ನೀಡುತ್ತೀರಿ.

ಮಕರ

ಮಕರ ರಾಶಿಗೆ ಸೇರಿದ ಜನರು ಈ ವಾರ ಕೆಲಸಕ್ಕೆ ಸಂಬಂಧಿಸಿದಂತೆ ಹೆಚ್ಚಿನ ಒತ್ತಡವನ್ನು ಹೊಂದುವುದರಿಂದ ಇದು ನಿಮ್ಮ ದೈಹಿಕ ಆರೋಗ್ಯದ ಮೇಲೆ ಪ್ರಭಾವ ಬೀರಬಹುದು. ಈ ಅವಧಿಯಲ್ಲಿ ನೀವು ತಲೆನೋವು ಕಣ್ಣಿನ ಸಮಸ್ಯೆ ಇತ್ಯಾದಿಗಳನ್ನು ಹೊಂದುವಿರಿ. ಆದರೆ ಹೆಚ್ಚು ಚಿಂತೆಗೆ ಒಳಗಾಗುವ ಅವಶ್ಯಕತೆ ಇರುವುದಿಲ್ಲ. ನಿಮ್ಮ ಕೆಲಸದ ನಡುವೆ ಸ್ವಲ್ಪ ಸಮಯ ವಿಶ್ರಾಂತಿಯನ್ನು ಪಡೆದುಕೊಳ್ಳುವುದರಿಂದ ನೀವು ಸಾಕಷ್ಟು ಬದಲಾವಣೆಗಳನ್ನು ಹೊಂದಬಹುದಾಗಿದೆ. ಕೆಲಸದ ಸ್ಥಳದಲ್ಲಿ ಉತ್ತಮ ಗೌರವ. ನೀವು ಉಪಯುಕ್ತ ಜನರನ್ನು ಭೇಟಿ ಮಾಡಲು ಸಾಧ್ಯವಾಗುತ್ತದೆ. ಉದ್ಯೋಗಾಕಾಂಕ್ಷಿಗಳು ಶೀಘ್ರದಲ್ಲೇ ಕೆಲಸ ಪಡೆಯುತ್ತಾರೆ.

ಕುಂಭ

ಕುಂಭ ರಾಶಿಗೆ ಸೇರಿದ ಜನರು ನರಗಳಿಗೆ ಸಂಬಂಧಿಸಿದಂತೆ ಈ ವಾರ ಬಹಳ ಎಚ್ಚರಿಕೆಯಿಂದ ಇರಬೇಕಾಗುತ್ತದೆ. ಈ ಸಂದರ್ಭದಲ್ಲಿ ನೀವು ರಾತ್ರಿಯೂ ಕೂಡ ಮನಸ್ಸಿನಿಂದ ಹೆಚ್ಚು ಕಾರ್ಯನಿರತರಾಗಿರುವಿರಿ. ಹಾಗಾಗಿ ನಿದ್ರೆಗೆ ಹೆಚ್ಚಿನ ಪ್ರಾಮುಖ್ಯತೆಯನ್ನು ಕೊಡುವ ಮೂಲಕ ಸಾಕಷ್ಟು ಸಮಯ ನಿದ್ರೆಯನ್ನು ಮಾಡುವುದು ಉತ್ತಮ. ಇದರಿಂದ ನಿಮ್ಮ ಆರೋಗ್ಯದಲ್ಲಿ ಸುಧಾರಣೆಯನ್ನು ಹೊಂದಬಹುದಾಗಿದೆ.

ಮೀನ:

ನಿಮಗೆ ತುಂಬಾ ಶುಭ ದಿನವಾಗಲಿದೆ. ಜೀವನದಲ್ಲಿ ಬರುವ ಸವಾಲುಗಳನ್ನು ಧೈರ್ಯದಿಂದ ಎದುರಿಸಲು ಸಾಧ್ಯವಾಗುತ್ತದೆ. ವಿದ್ಯಾರ್ಥಿಗಳು ಪರೀಕ್ಷೆಯ ಒತ್ತಡವನ್ನು ಎದುರಿಸಬಹುದು. ಆಪ್ತ ಸ್ನೇಹಿತರ ಸಹಾಯದಿಂದ ಜೀವನದಲ್ಲಿ ದೀರ್ಘಕಾಲದ ಸಮಸ್ಯೆಗಳು ಬಗೆಹರಿಯುತ್ತವೆ. ನೂರಕ್ಕೆ ನೂರರಷ್ಟು ಯಶಸ್ಸನ್ನು ನಿರೀಕ್ಷಿಸಿ ಬೇರೆಡೆಗೆ ದಾರಿ ಮಾಡಿಕೊಳ್ಳಬೇಡಿ. ನಿಮ್ಮ ಎಲ್ಲಾ ಕಾರ್ಯಗಳು ಯಶಸ್ವಿಯತ್ತ ಪಯಣಿಸುವವು. ಬಂಧುಗಳು ಮತ್ತು ಸ್ನೇಹಿತರು ನಿಮ್ಮನ್ನು ಪ್ರಶಂಸಿಸುವರು.
